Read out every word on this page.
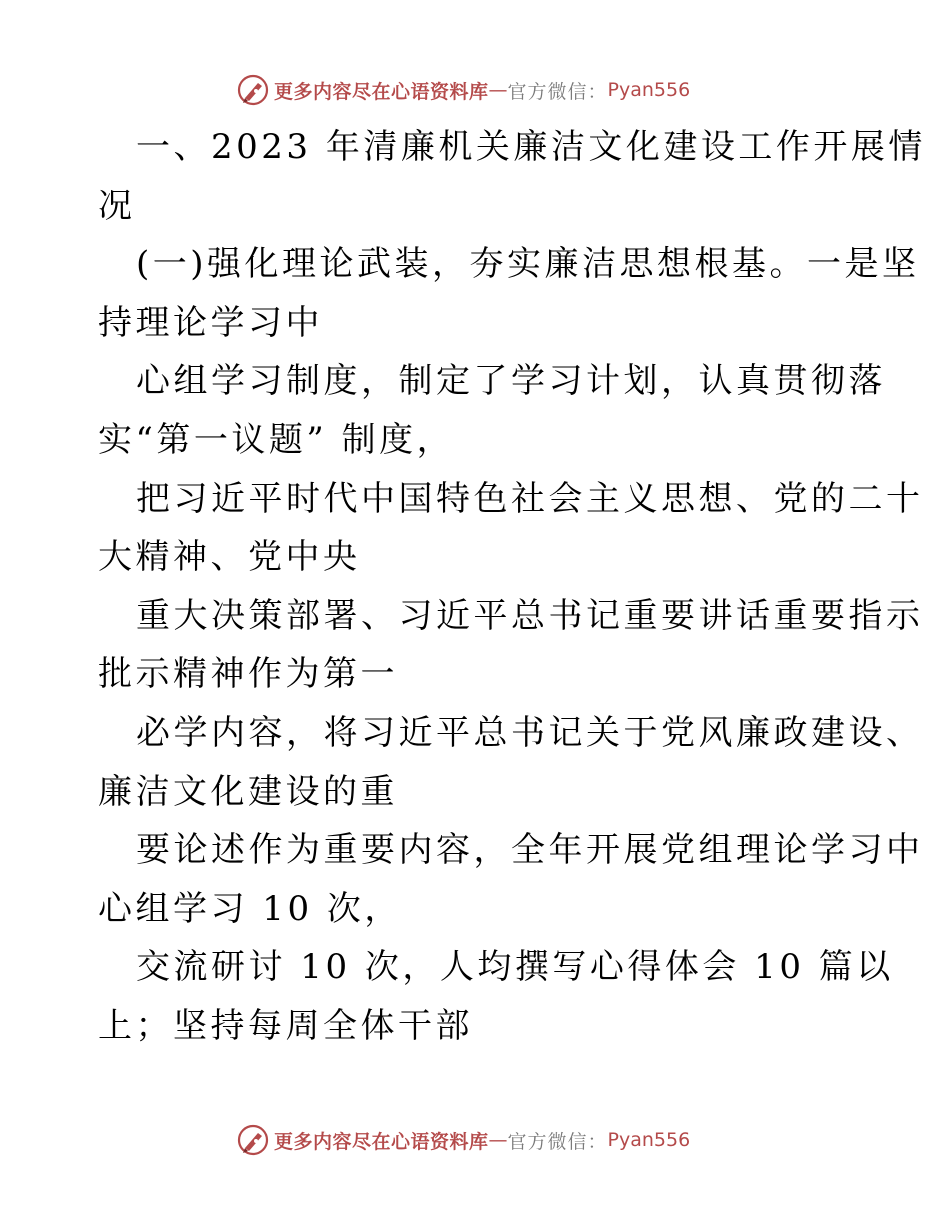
更多内容尽在心语资料库 — 官方微信： Pyan556
一、2023 年清廉机关廉洁文化建设工作开展情
况
(一)强化理论武装，夯实廉洁思想根基。一是坚
持理论学习中
心组学习制度，制定了学习计划，认真贯彻落
实“第一议题” 制度，
把习近平时代中国特色社会主义思想、党的二十
大精神、党中央
重大决策部署、习近平总书记重要讲话重要指示
批示精神作为第一
必学内容，将习近平总书记关于党风廉政建设、
廉洁文化建设的重
要论述作为重要内容，全年开展党组理论学习中
心组学习 10 次，
交流研讨 10 次，人均撰写心得体会 10 篇以
上；坚持每周全体干部
更多内容尽在心语资料库 — 官方微信： Pyan556
